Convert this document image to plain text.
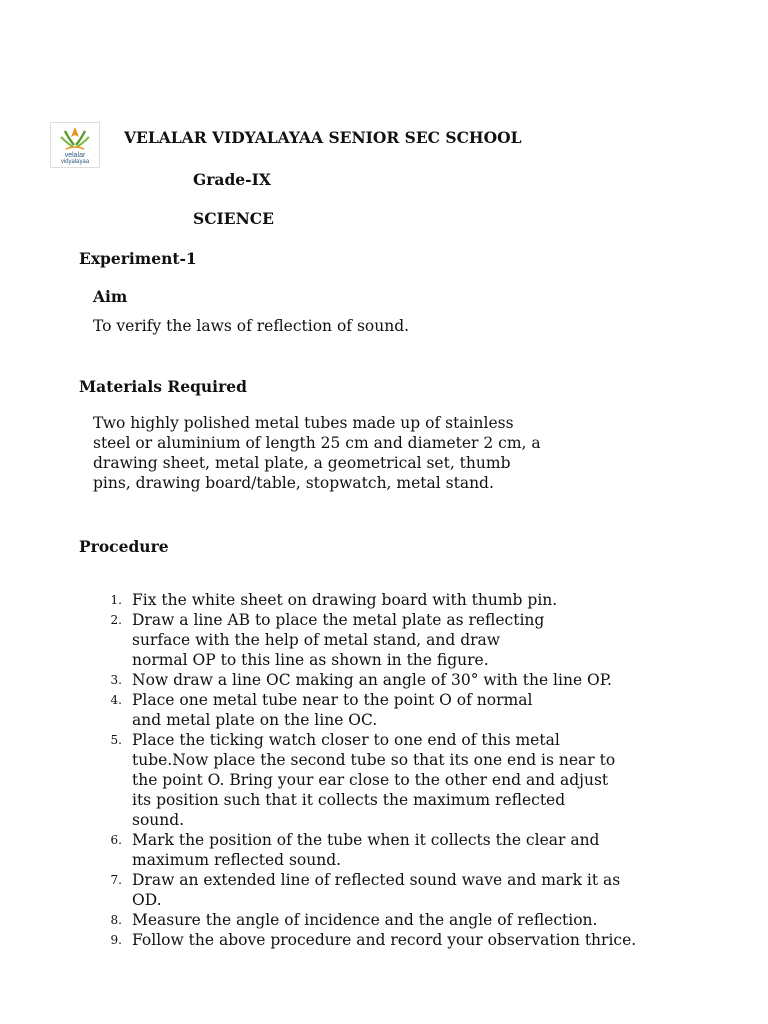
velalar
vidyalayaa
VELALAR VIDYALAYAA SENIOR SEC SCHOOL
Grade-IX
SCIENCE
Experiment-1
Aim
To verify the laws of reflection of sound.
Materials Required
Two highly polished metal tubes made up of stainless
steel or aluminium of length 25 cm and diameter 2 cm, a
drawing sheet, metal plate, a geometrical set, thumb
pins, drawing board/table, stopwatch, metal stand.
Procedure
1. Fix the white sheet on drawing board with thumb pin.
2. Draw a line AB to place the metal plate as reflecting
surface with the help of metal stand, and draw
normal OP to this line as shown in the figure.
3. Now draw a line OC making an angle of 30° with the line OP.
4. Place one metal tube near to the point O of normal
and metal plate on the line OC.
5. Place the ticking watch closer to one end of this metal
tube.Now place the second tube so that its one end is near to
the point O. Bring your ear close to the other end and adjust
its position such that it collects the maximum reflected
sound.
6. Mark the position of the tube when it collects the clear and
maximum reflected sound.
7. Draw an extended line of reflected sound wave and mark it as
OD.
8. Measure the angle of incidence and the angle of reflection.
9. Follow the above procedure and record your observation thrice.
